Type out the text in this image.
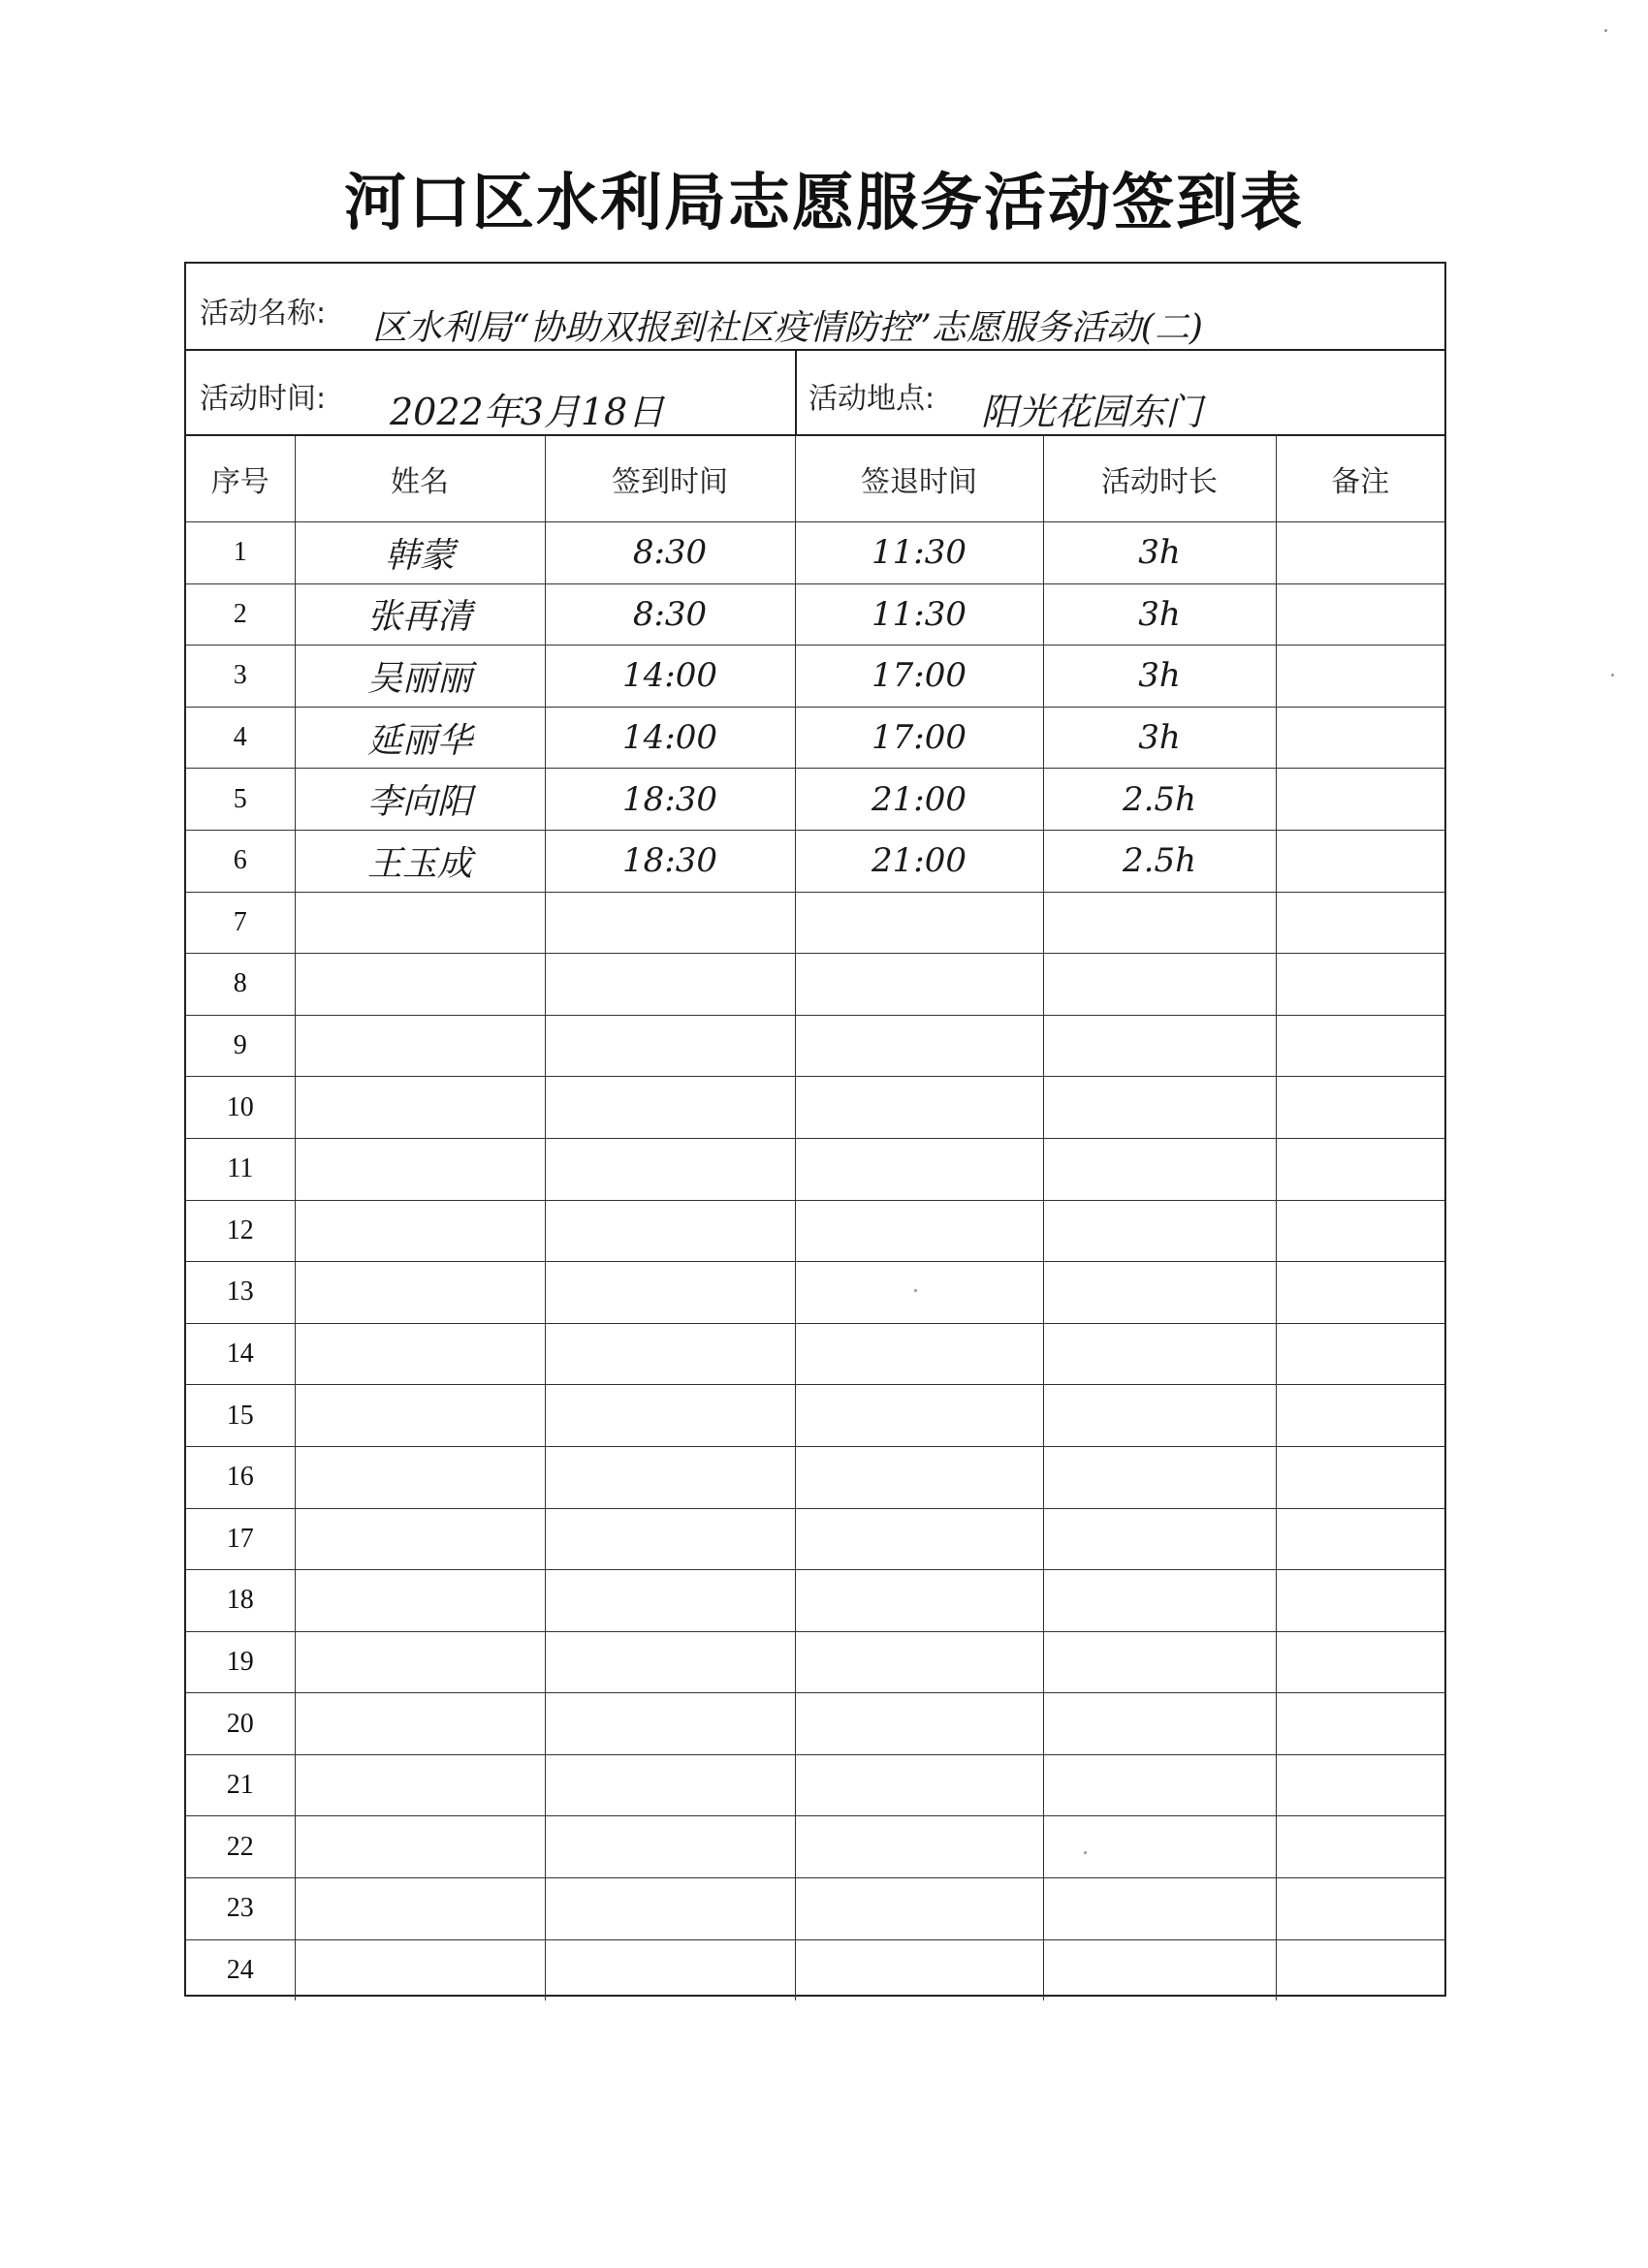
河口区水利局志愿服务活动签到表
活动名称: 区水利局“协助双报到社区疫情防控”志愿服务活动(二)
活动时间: 2022年3月18日	活动地点: 阳光花园东门
序号	姓名	签到时间	签退时间	活动时长	备注
1	韩蒙	8:30	11:30	3h	
2	张再清	8:30	11:30	3h	
3	吴丽丽	14:00	17:00	3h	
4	延丽华	14:00	17:00	3h	
5	李向阳	18:30	21:00	2.5h	
6	王玉成	18:30	21:00	2.5h	
7					
8					
9					
10					
11					
12					
13					
14					
15					
16					
17					
18					
19					
20					
21					
22					
23					
24					
